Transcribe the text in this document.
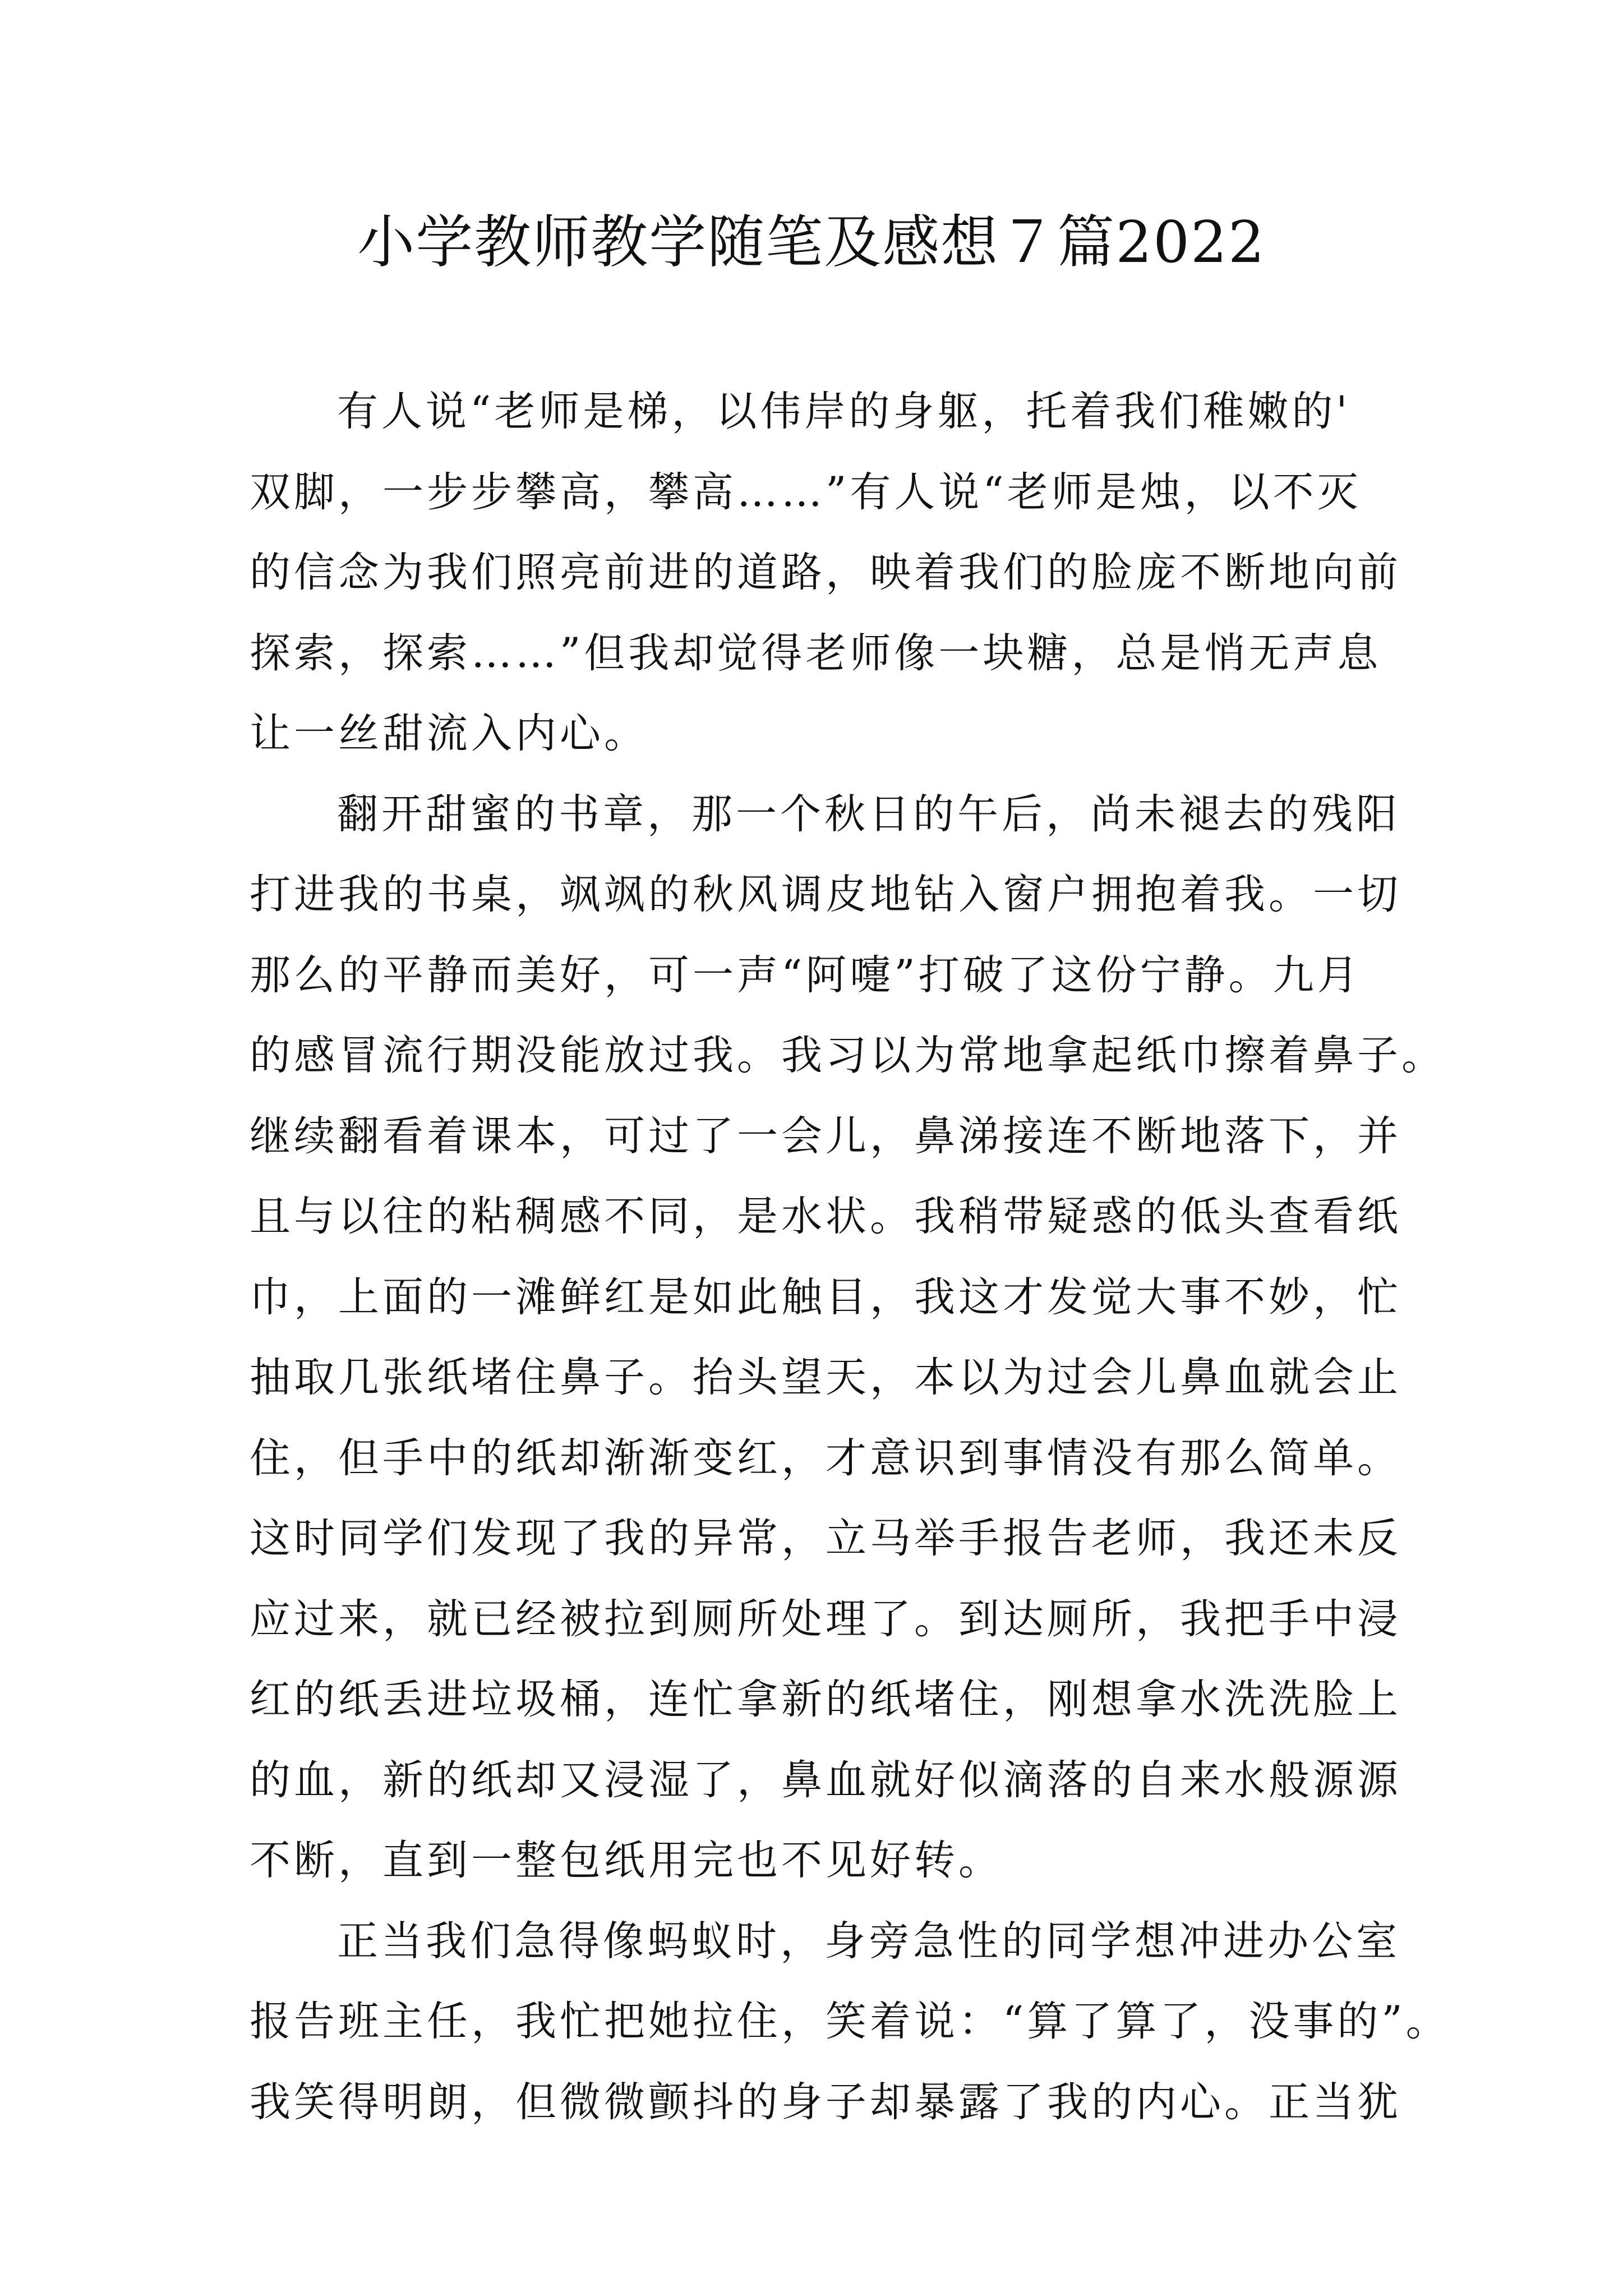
小学教师教学随笔及感想７篇2022

有人说“老师是梯，以伟岸的身躯，托着我们稚嫩的'
双脚，一步步攀高，攀高……”有人说“老师是烛，以不灭
的信念为我们照亮前进的道路，映着我们的脸庞不断地向前
探索，探索……”但我却觉得老师像一块糖，总是悄无声息
让一丝甜流入内心。

翻开甜蜜的书章，那一个秋日的午后，尚未褪去的残阳
打进我的书桌，飒飒的秋风调皮地钻入窗户拥抱着我。一切
那么的平静而美好，可一声“阿嚏”打破了这份宁静。九月
的感冒流行期没能放过我。我习以为常地拿起纸巾擦着鼻子。
继续翻看着课本，可过了一会儿，鼻涕接连不断地落下，并
且与以往的粘稠感不同，是水状。我稍带疑惑的低头查看纸
巾，上面的一滩鲜红是如此触目，我这才发觉大事不妙，忙
抽取几张纸堵住鼻子。抬头望天，本以为过会儿鼻血就会止
住，但手中的纸却渐渐变红，才意识到事情没有那么简单。
这时同学们发现了我的异常，立马举手报告老师，我还未反
应过来，就已经被拉到厕所处理了。到达厕所，我把手中浸
红的纸丢进垃圾桶，连忙拿新的纸堵住，刚想拿水洗洗脸上
的血，新的纸却又浸湿了，鼻血就好似滴落的自来水般源源
不断，直到一整包纸用完也不见好转。

正当我们急得像蚂蚁时，身旁急性的同学想冲进办公室
报告班主任，我忙把她拉住，笑着说：“算了算了，没事的”。
我笑得明朗，但微微颤抖的身子却暴露了我的内心。正当犹
